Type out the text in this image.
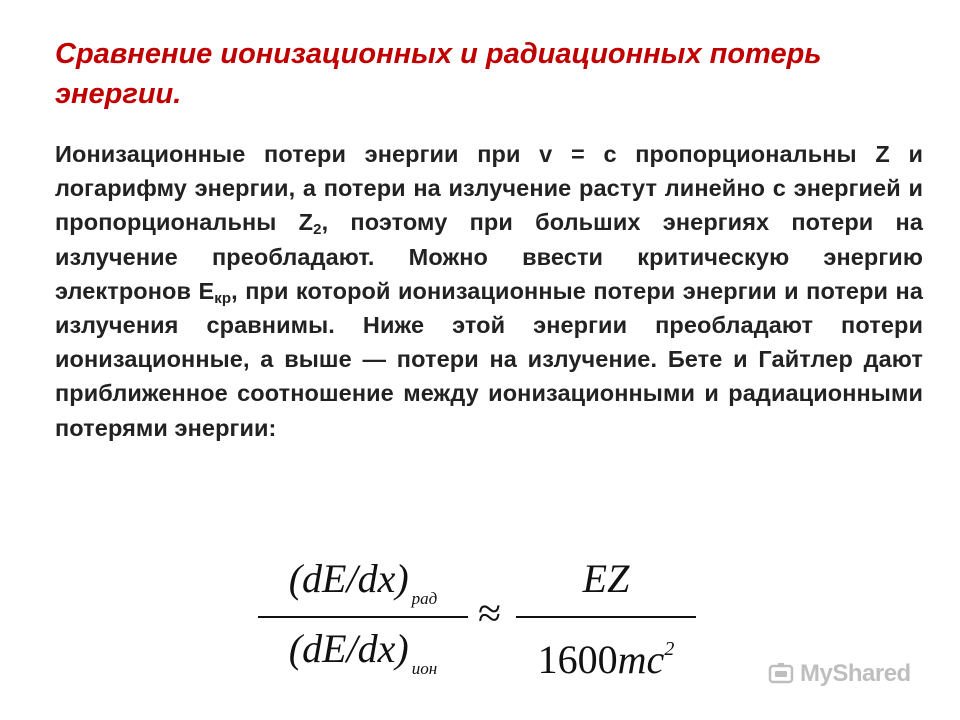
Сравнение ионизационных и радиационных потерь энергии.

Ионизационные потери энергии при v = c пропорциональны Z и логарифму энергии, а потери на излучение растут линейно с энергией и пропорциональны $Z_2$, поэтому при больших энергиях потери на излучение преобладают. Можно ввести критическую энергию электронов $Е_{кр}$, при которой ионизационные потери энергии и потери на излучения сравнимы. Ниже этой энергии преобладают потери ионизационные, а выше — потери на излучение. Бете и Гайтлер дают приближенное соотношение между ионизационными и радиационными потерями энергии:

(dE/dx) $_{рад}$
(dE/dx) $_{ион}$
≈
EZ
$1600mc^2$
MyShared
